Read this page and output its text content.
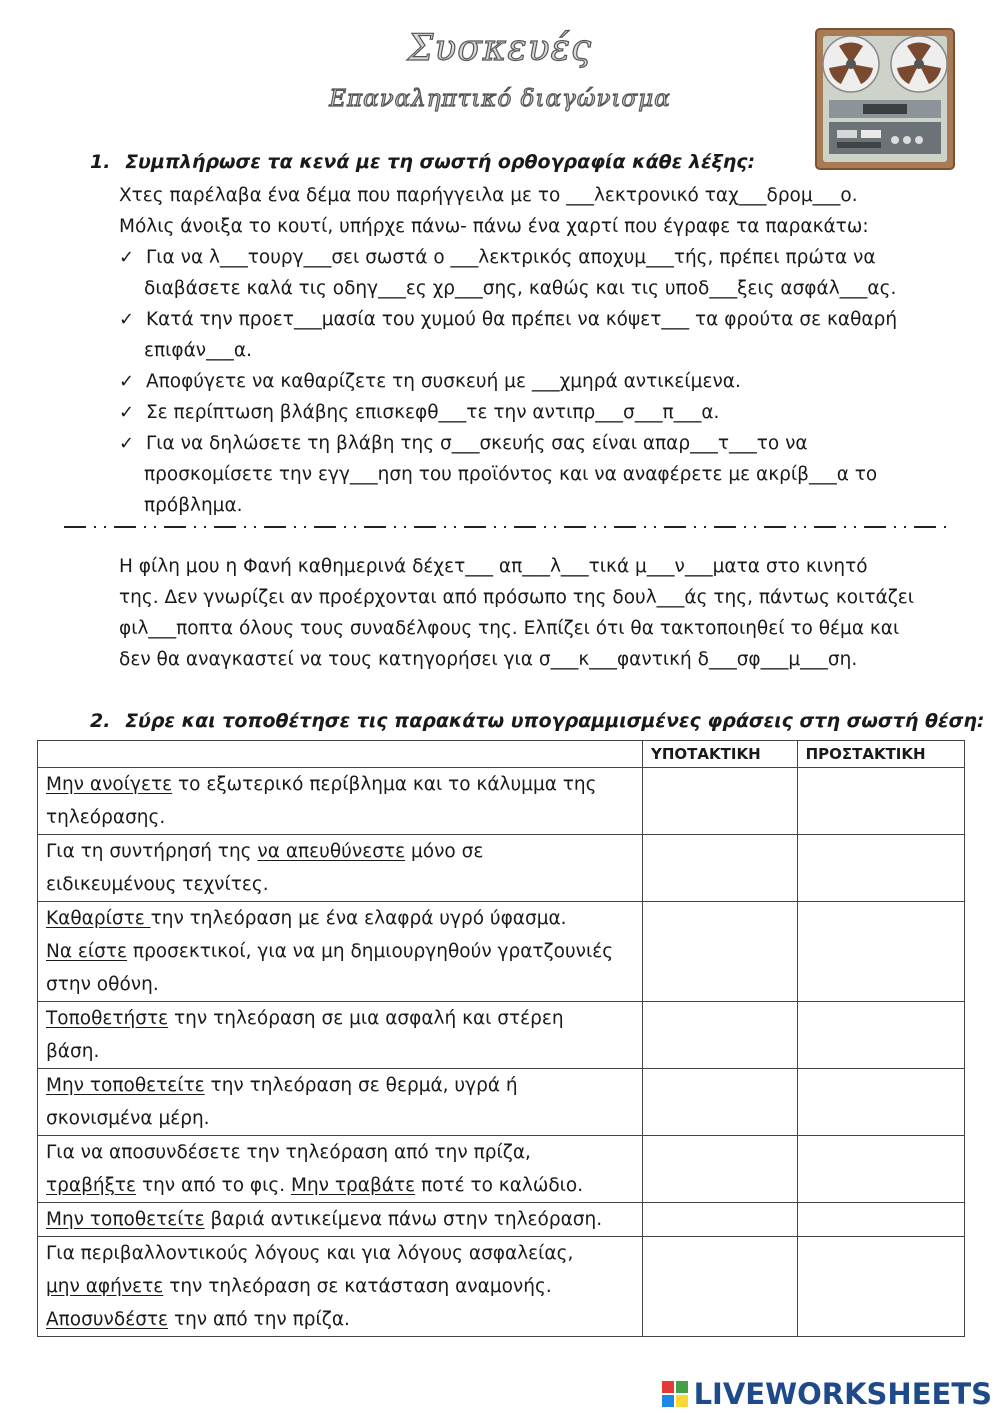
Συσκευές
Επαναληπτικό διαγώνισμα
1. Συμπλήρωσε τα κενά με τη σωστή ορθογραφία κάθε λέξης:
Χτες παρέλαβα ένα δέμα που παρήγγειλα με το ___λεκτρονικό ταχ___δρομ___ο.
Μόλις άνοιξα το κουτί, υπήρχε πάνω- πάνω ένα χαρτί που έγραφε τα παρακάτω:
✓ Για να λ___τουργ___σει σωστά ο ___λεκτρικός αποχυμ___τής, πρέπει πρώτα να
διαβάσετε καλά τις οδηγ___ες χρ___σης, καθώς και τις υποδ___ξεις ασφάλ___ας.
✓ Κατά την προετ___μασία του χυμού θα πρέπει να κόψετ___ τα φρούτα σε καθαρή
επιφάν___α.
✓ Αποφύγετε να καθαρίζετε τη συσκευή με ___χμηρά αντικείμενα.
✓ Σε περίπτωση βλάβης επισκεφθ___τε την αντιπρ___σ___π___α.
✓ Για να δηλώσετε τη βλάβη της σ___σκευής σας είναι απαρ___τ___το να
προσκομίσετε την εγγ___ηση του προϊόντος και να αναφέρετε με ακρίβ___α το
πρόβλημα.
Η φίλη μου η Φανή καθημερινά δέχετ___ απ___λ___τικά μ___ν___ματα στο κινητό
της. Δεν γνωρίζει αν προέρχονται από πρόσωπο της δουλ___άς της, πάντως κοιτάζει
φιλ___ποπτα όλους τους συναδέλφους της. Ελπίζει ότι θα τακτοποιηθεί το θέμα και
δεν θα αναγκαστεί να τους κατηγορήσει για σ___κ___φαντική δ___σφ___μ___ση.
2. Σύρε και τοποθέτησε τις παρακάτω υπογραμμισμένες φράσεις στη σωστή θέση:
	ΥΠΟΤΑΚΤΙΚΗ	ΠΡΟΣΤΑΚΤΙΚΗ

Μην ανοίγετε το εξωτερικό περίβλημα και το κάλυμμα της
τηλεόρασης.		

Για τη συντήρησή της να απευθύνεστε μόνο σε
ειδικευμένους τεχνίτες.		

Καθαρίστε την τηλεόραση με ένα ελαφρά υγρό ύφασμα.
Να είστε προσεκτικοί, για να μη δημιουργηθούν γρατζουνιές
στην οθόνη.		

Τοποθετήστε την τηλεόραση σε μια ασφαλή και στέρεη
βάση.		

Μην τοποθετείτε την τηλεόραση σε θερμά, υγρά ή
σκονισμένα μέρη.		

Για να αποσυνδέσετε την τηλεόραση από την πρίζα,
τραβήξτε την από το φις. Μην τραβάτε ποτέ το καλώδιο.		

Μην τοποθετείτε βαριά αντικείμενα πάνω στην τηλεόραση.		

Για περιβαλλοντικούς λόγους και για λόγους ασφαλείας,
μην αφήνετε την τηλεόραση σε κατάσταση αναμονής.
Αποσυνδέστε την από την πρίζα.		

LIVEWORKSHEETS
